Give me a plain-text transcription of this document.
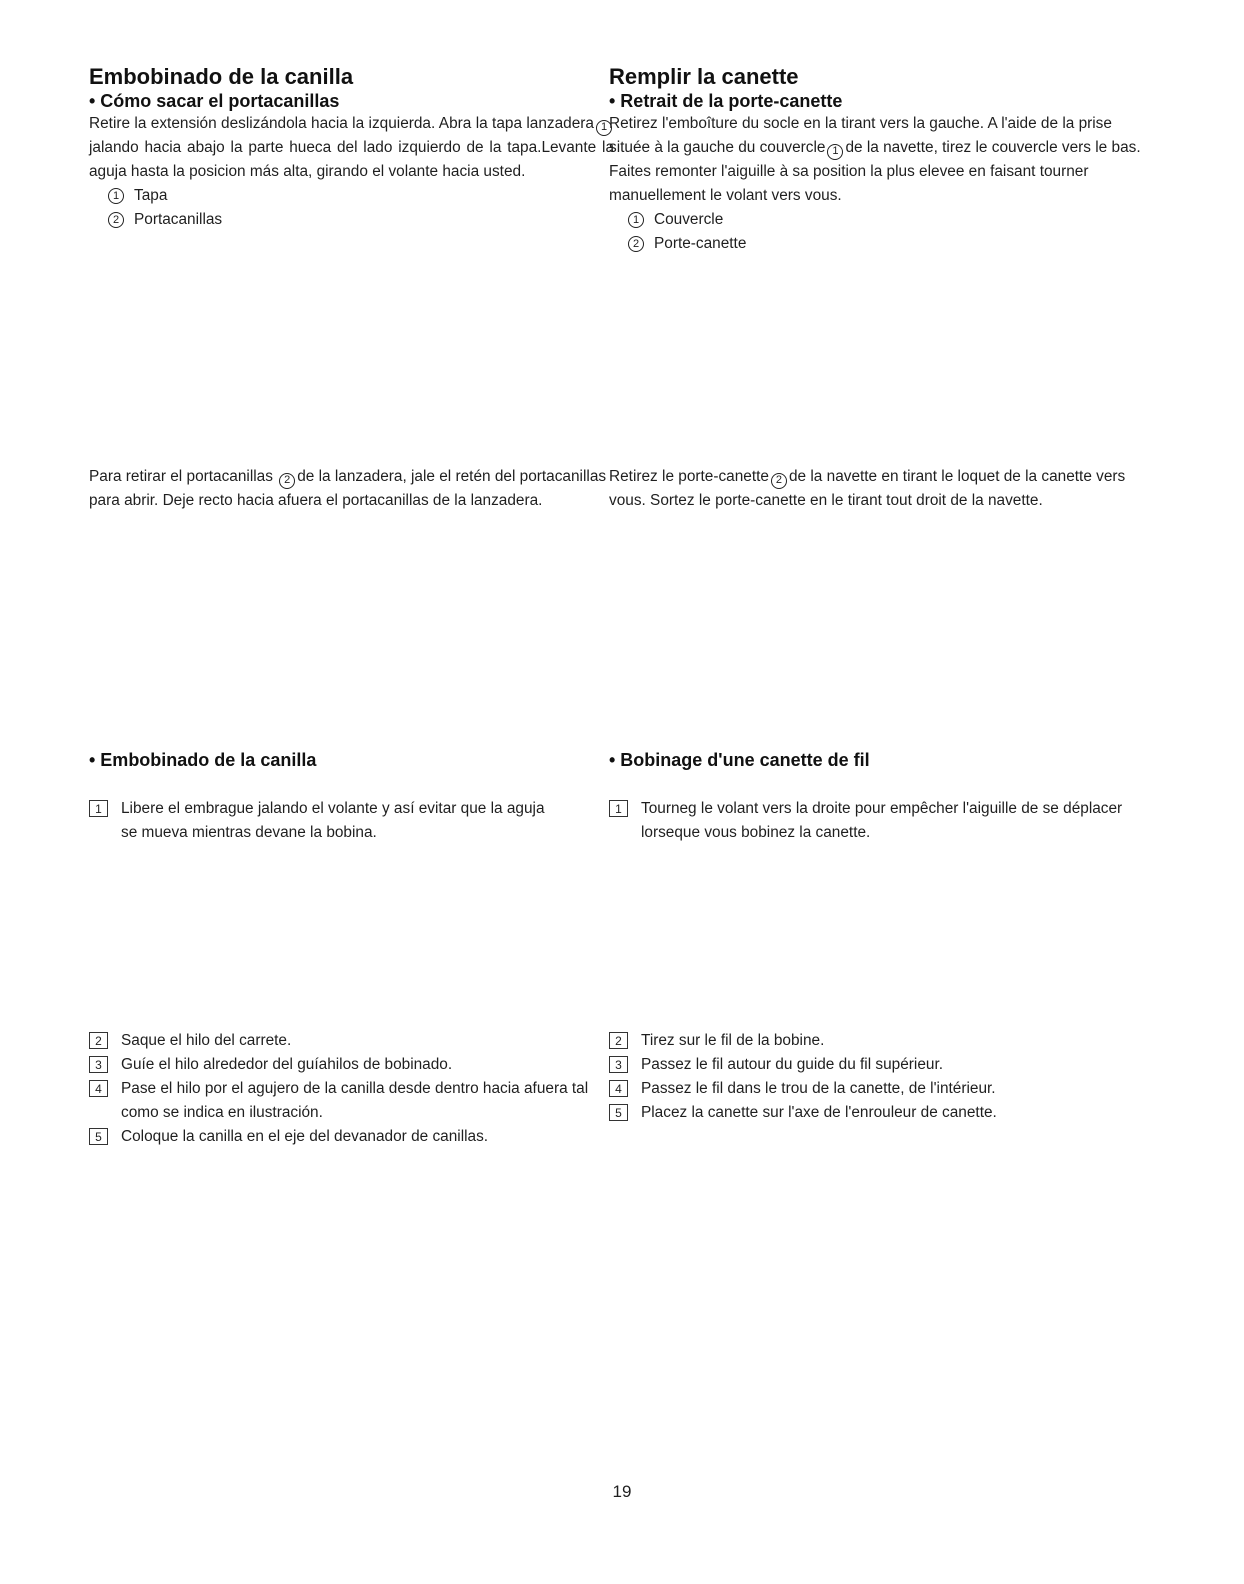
Embobinado de la canilla
• Cómo sacar el portacanillas

Retire la extensión deslizándola hacia la izquierda. Abra la tapa lanzadera 1jalando hacia abajo la parte hueca del lado izquierdo de la tapa.Levante la aguja hasta la posicion más alta, girando el volante hacia usted.

1 Tapa
2 Portacanillas

Para retirar el portacanillas 2 de la lanzadera, jale el retén del portacanillas para abrir. Deje recto hacia afuera el portacanillas de la lanzadera.

• Embobinado de la canilla
1	Libere el embrague jalando el volante y así evitar que la aguja se mueva mientras devane la bobina.
2	Saque el hilo del carrete.
3	Guíe el hilo alrededor del guíahilos de bobinado.
4	Pase el hilo por el agujero de la canilla desde dentro hacia afuera tal como se indica en ilustración.
5	Coloque la canilla en el eje del devanador de canillas.
Remplir la canette
• Retrait de la porte-canette

Retirez l'emboîture du socle en la tirant vers la gauche. A l'aide de la prise située à la gauche du couvercle 1 de la navette, tirez le couvercle vers le bas. Faites remonter l'aiguille à sa position la plus elevee en faisant tourner manuellement le volant vers vous.

1 Couvercle
2 Porte-canette

Retirez le porte-canette 2 de la navette en tirant le loquet de la canette vers vous. Sortez le porte-canette en le tirant tout droit de la navette.

• Bobinage d'une canette de fil
1	Tourneg le volant vers la droite pour empêcher l'aiguille de se déplacer lorseque vous bobinez la canette.
2	Tirez sur le fil de la bobine.
3	Passez le fil autour du guide du fil supérieur.
4	Passez le fil dans le trou de la canette, de l'intérieur.
5	Placez la canette sur l'axe de l'enrouleur de canette.
19
